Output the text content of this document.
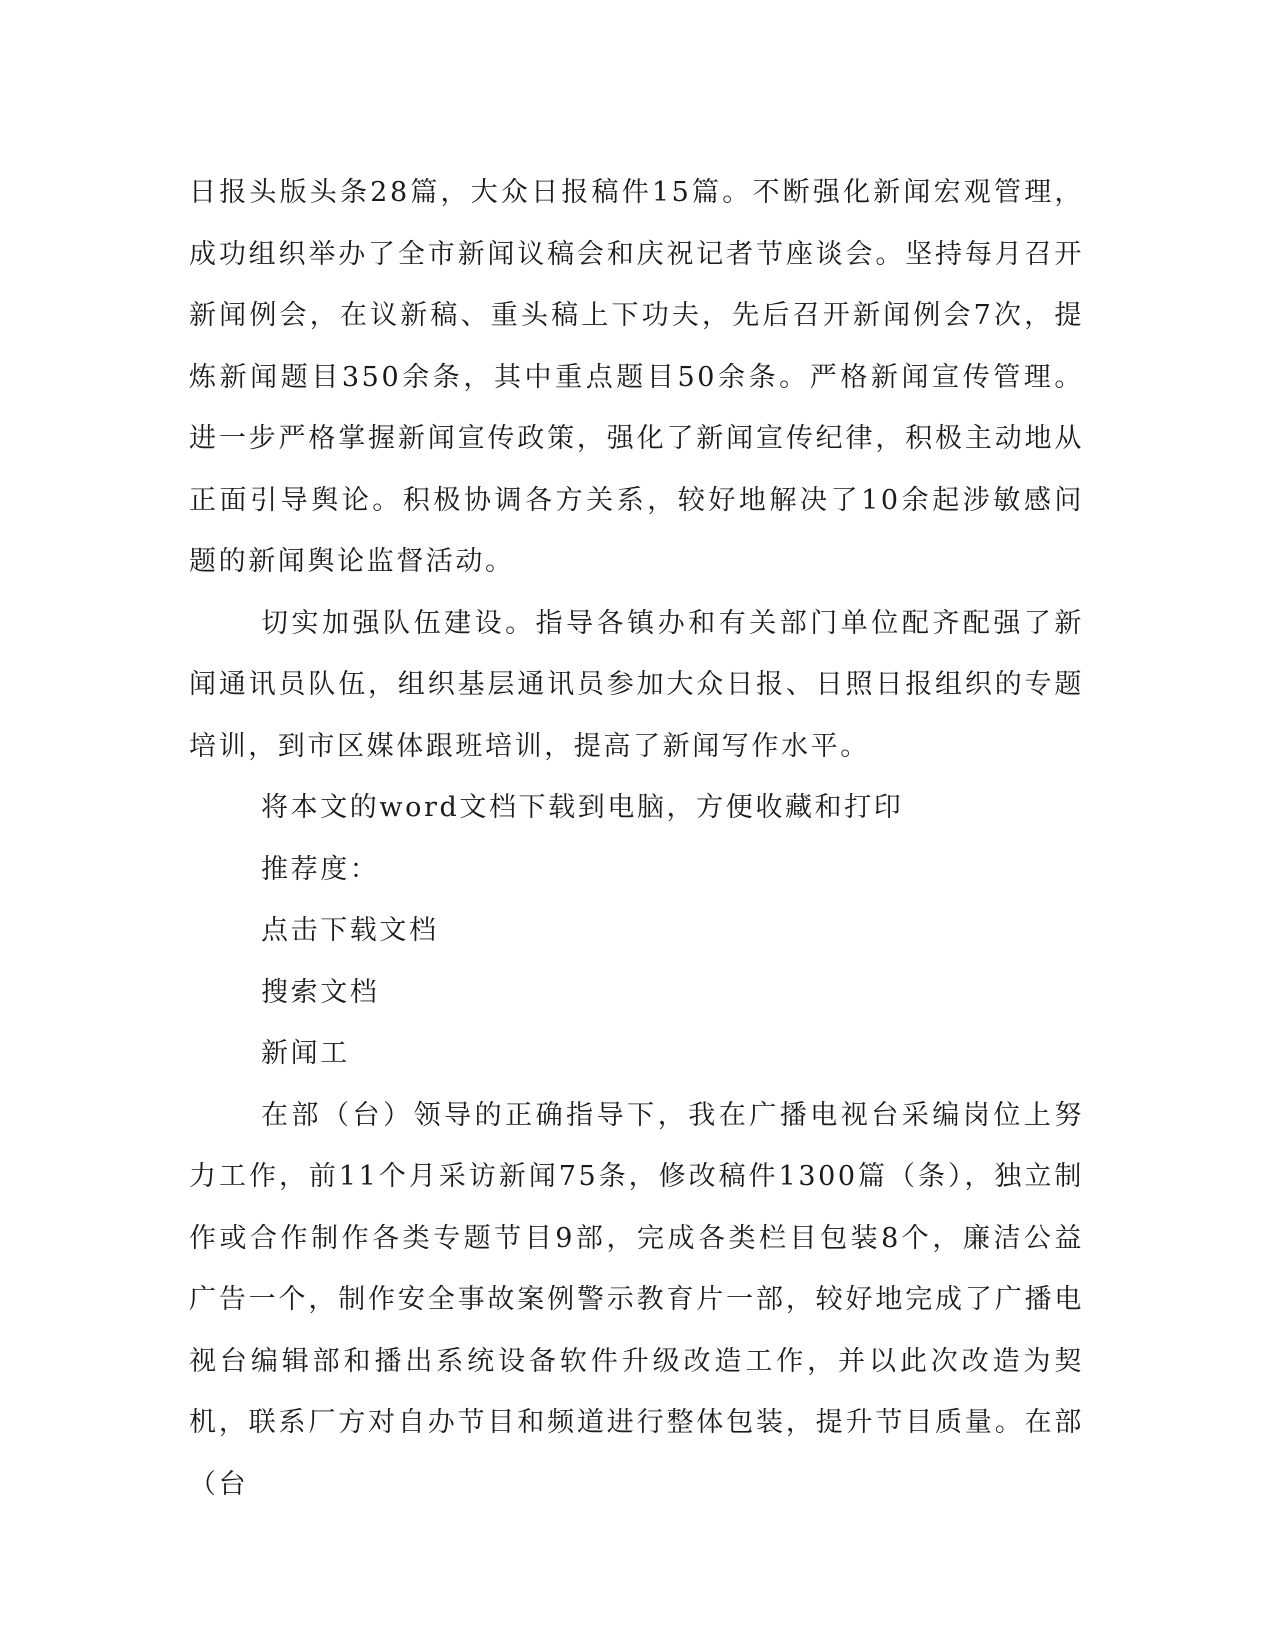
日报头版头条28篇，大众日报稿件15篇。不断强化新闻宏观管理，成功组织举办了全市新闻议稿会和庆祝记者节座谈会。坚持每月召开新闻例会，在议新稿、重头稿上下功夫，先后召开新闻例会7次，提炼新闻题目350余条，其中重点题目50余条。严格新闻宣传管理。进一步严格掌握新闻宣传政策，强化了新闻宣传纪律，积极主动地从正面引导舆论。积极协调各方关系，较好地解决了10余起涉敏感问题的新闻舆论监督活动。

切实加强队伍建设。指导各镇办和有关部门单位配齐配强了新闻通讯员队伍，组织基层通讯员参加大众日报、日照日报组织的专题培训，到市区媒体跟班培训，提高了新闻写作水平。

将本文的word文档下载到电脑，方便收藏和打印

推荐度：

点击下载文档

搜索文档

新闻工

在部（台）领导的正确指导下，我在广播电视台采编岗位上努力工作，前11个月采访新闻75条，修改稿件1300篇（条），独立制作或合作制作各类专题节目9部，完成各类栏目包装8个，廉洁公益广告一个，制作安全事故案例警示教育片一部，较好地完成了广播电视台编辑部和播出系统设备软件升级改造工作，并以此次改造为契机，联系厂方对自办节目和频道进行整体包装，提升节目质量。在部（台
